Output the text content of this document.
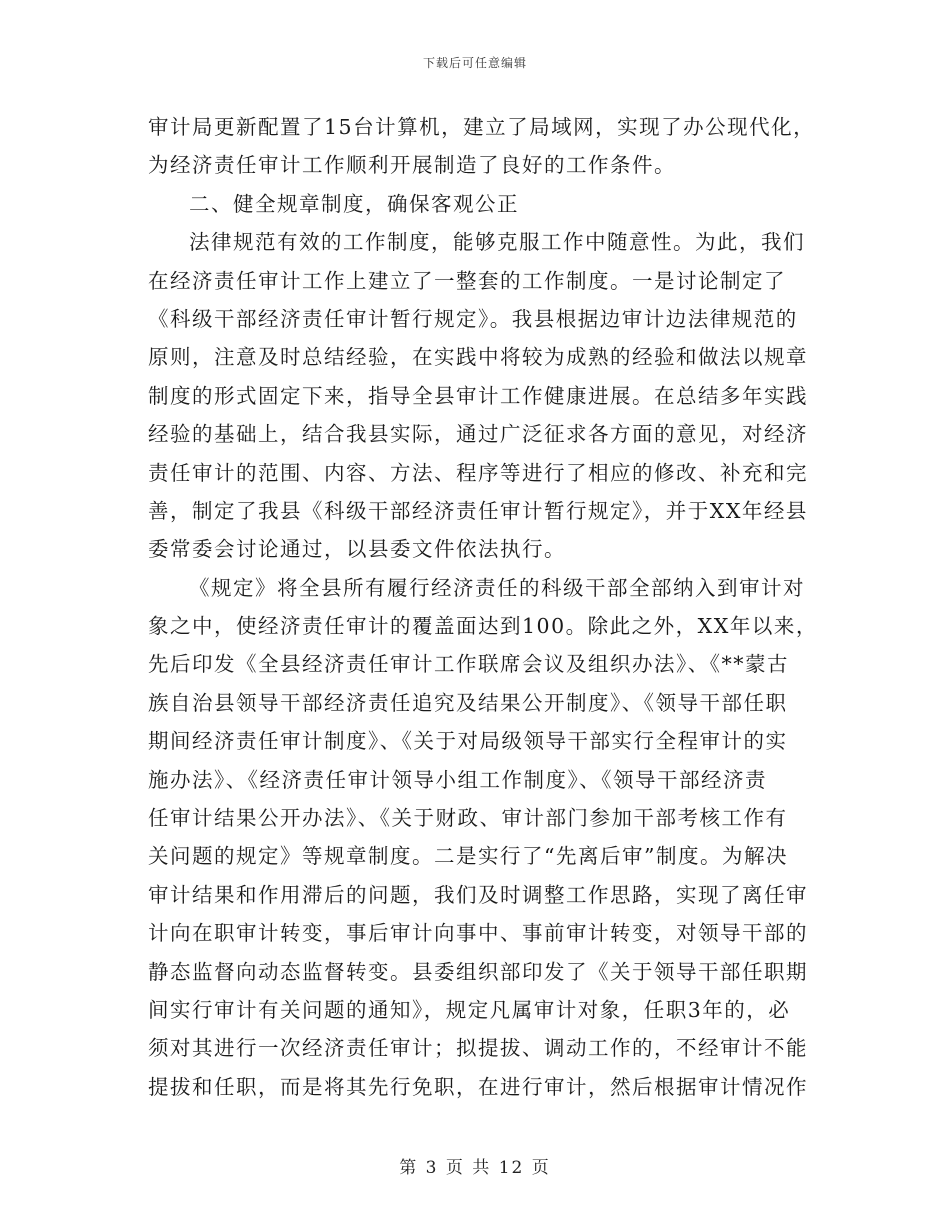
下载后可任意编辑
审计局更新配置了15台计算机，建立了局域网，实现了办公现代化，
为经济责任审计工作顺利开展制造了良好的工作条件。
二、健全规章制度，确保客观公正
法律规范有效的工作制度，能够克服工作中随意性。为此，我们
在经济责任审计工作上建立了一整套的工作制度。一是讨论制定了
《科级干部经济责任审计暂行规定》。我县根据边审计边法律规范的
原则，注意及时总结经验，在实践中将较为成熟的经验和做法以规章
制度的形式固定下来，指导全县审计工作健康进展。在总结多年实践
经验的基础上，结合我县实际，通过广泛征求各方面的意见，对经济
责任审计的范围、内容、方法、程序等进行了相应的修改、补充和完
善，制定了我县《科级干部经济责任审计暂行规定》，并于XX年经县
委常委会讨论通过，以县委文件依法执行。
《规定》将全县所有履行经济责任的科级干部全部纳入到审计对
象之中，使经济责任审计的覆盖面达到100。除此之外，XX年以来，
先后印发《全县经济责任审计工作联席会议及组织办法》、《**蒙古
族自治县领导干部经济责任追究及结果公开制度》、《领导干部任职
期间经济责任审计制度》、《关于对局级领导干部实行全程审计的实
施办法》、《经济责任审计领导小组工作制度》、《领导干部经济责
任审计结果公开办法》、《关于财政、审计部门参加干部考核工作有
关问题的规定》等规章制度。二是实行了“先离后审”制度。为解决
审计结果和作用滞后的问题，我们及时调整工作思路，实现了离任审
计向在职审计转变，事后审计向事中、事前审计转变，对领导干部的
静态监督向动态监督转变。县委组织部印发了《关于领导干部任职期
间实行审计有关问题的通知》，规定凡属审计对象，任职3年的，必
须对其进行一次经济责任审计；拟提拔、调动工作的，不经审计不能
提拔和任职，而是将其先行免职，在进行审计，然后根据审计情况作
第 3 页 共 12 页
